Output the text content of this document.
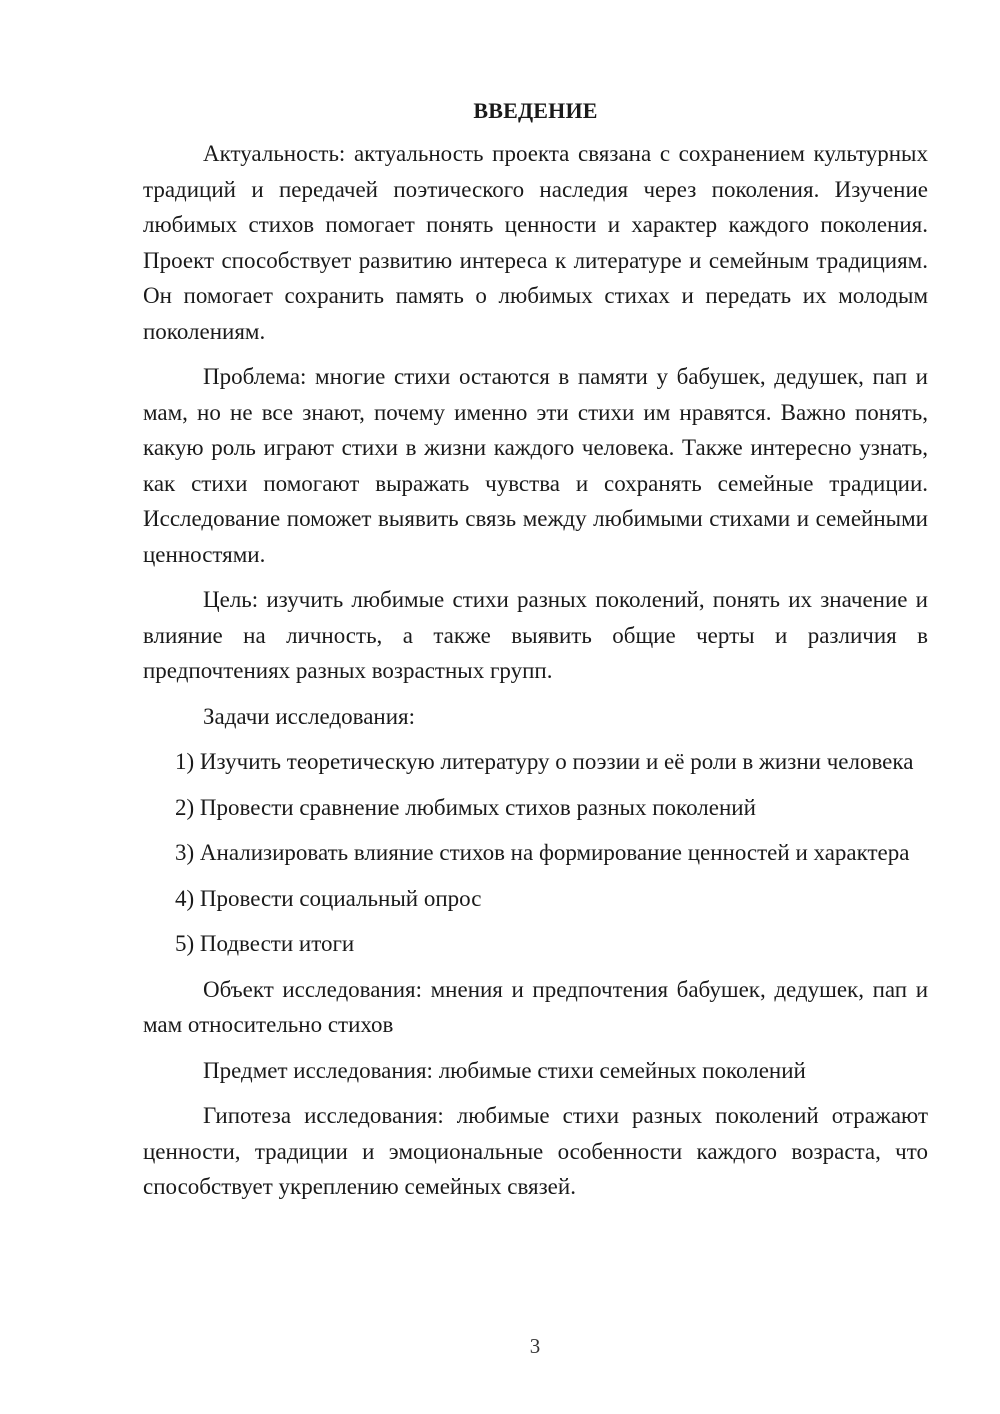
ВВЕДЕНИЕ

Актуальность: актуальность проекта связана с сохранением культурных традиций и передачей поэтического наследия через поколения. Изучение любимых стихов помогает понять ценности и характер каждого поколения. Проект способствует развитию интереса к литературе и семейным традициям. Он помогает сохранить память о любимых стихах и передать их молодым поколениям.

Проблема: многие стихи остаются в памяти у бабушек, дедушек, пап и мам, но не все знают, почему именно эти стихи им нравятся. Важно понять, какую роль играют стихи в жизни каждого человека. Также интересно узнать, как стихи помогают выражать чувства и сохранять семейные традиции. Исследование поможет выявить связь между любимыми стихами и семейными ценностями.

Цель: изучить любимые стихи разных поколений, понять их значение и влияние на личность, а также выявить общие черты и различия в предпочтениях разных возрастных групп.

Задачи исследования:

1) Изучить теоретическую литературу о поэзии и её роли в жизни человека

2) Провести сравнение любимых стихов разных поколений

3) Анализировать влияние стихов на формирование ценностей и характера

4) Провести социальный опрос

5) Подвести итоги

Объект исследования: мнения и предпочтения бабушек, дедушек, пап и мам относительно стихов

Предмет исследования: любимые стихи семейных поколений

Гипотеза исследования: любимые стихи разных поколений отражают ценности, традиции и эмоциональные особенности каждого возраста, что способствует укреплению семейных связей.

3
